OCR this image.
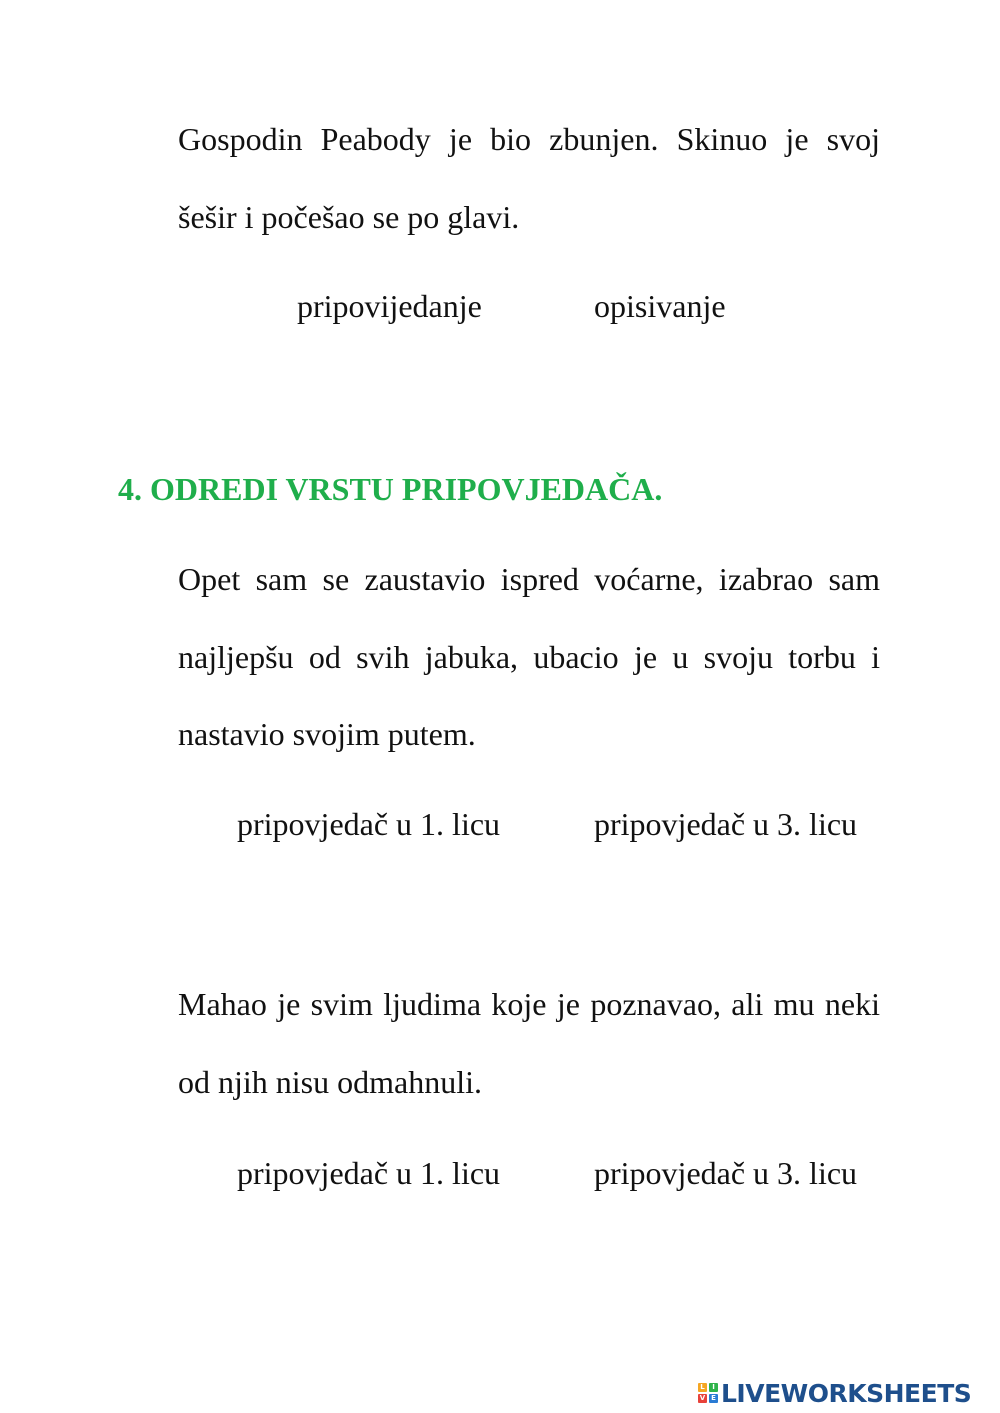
Gospodin Peabody je bio zbunjen. Skinuo je svoj
šešir i počešao se po glavi.
pripovijedanje	opisivanje
4. ODREDI VRSTU PRIPOVJEDAČA.
Opet sam se zaustavio ispred voćarne, izabrao sam
najljepšu od svih jabuka, ubacio je u svoju torbu i
nastavio svojim putem.
pripovjedač u 1. licu	pripovjedač u 3. licu
Mahao je svim ljudima koje je poznavao, ali mu neki
od njih nisu odmahnuli.
pripovjedač u 1. licu	pripovjedač u 3. licu
L	I
V E LIVEWORKSHEETS
